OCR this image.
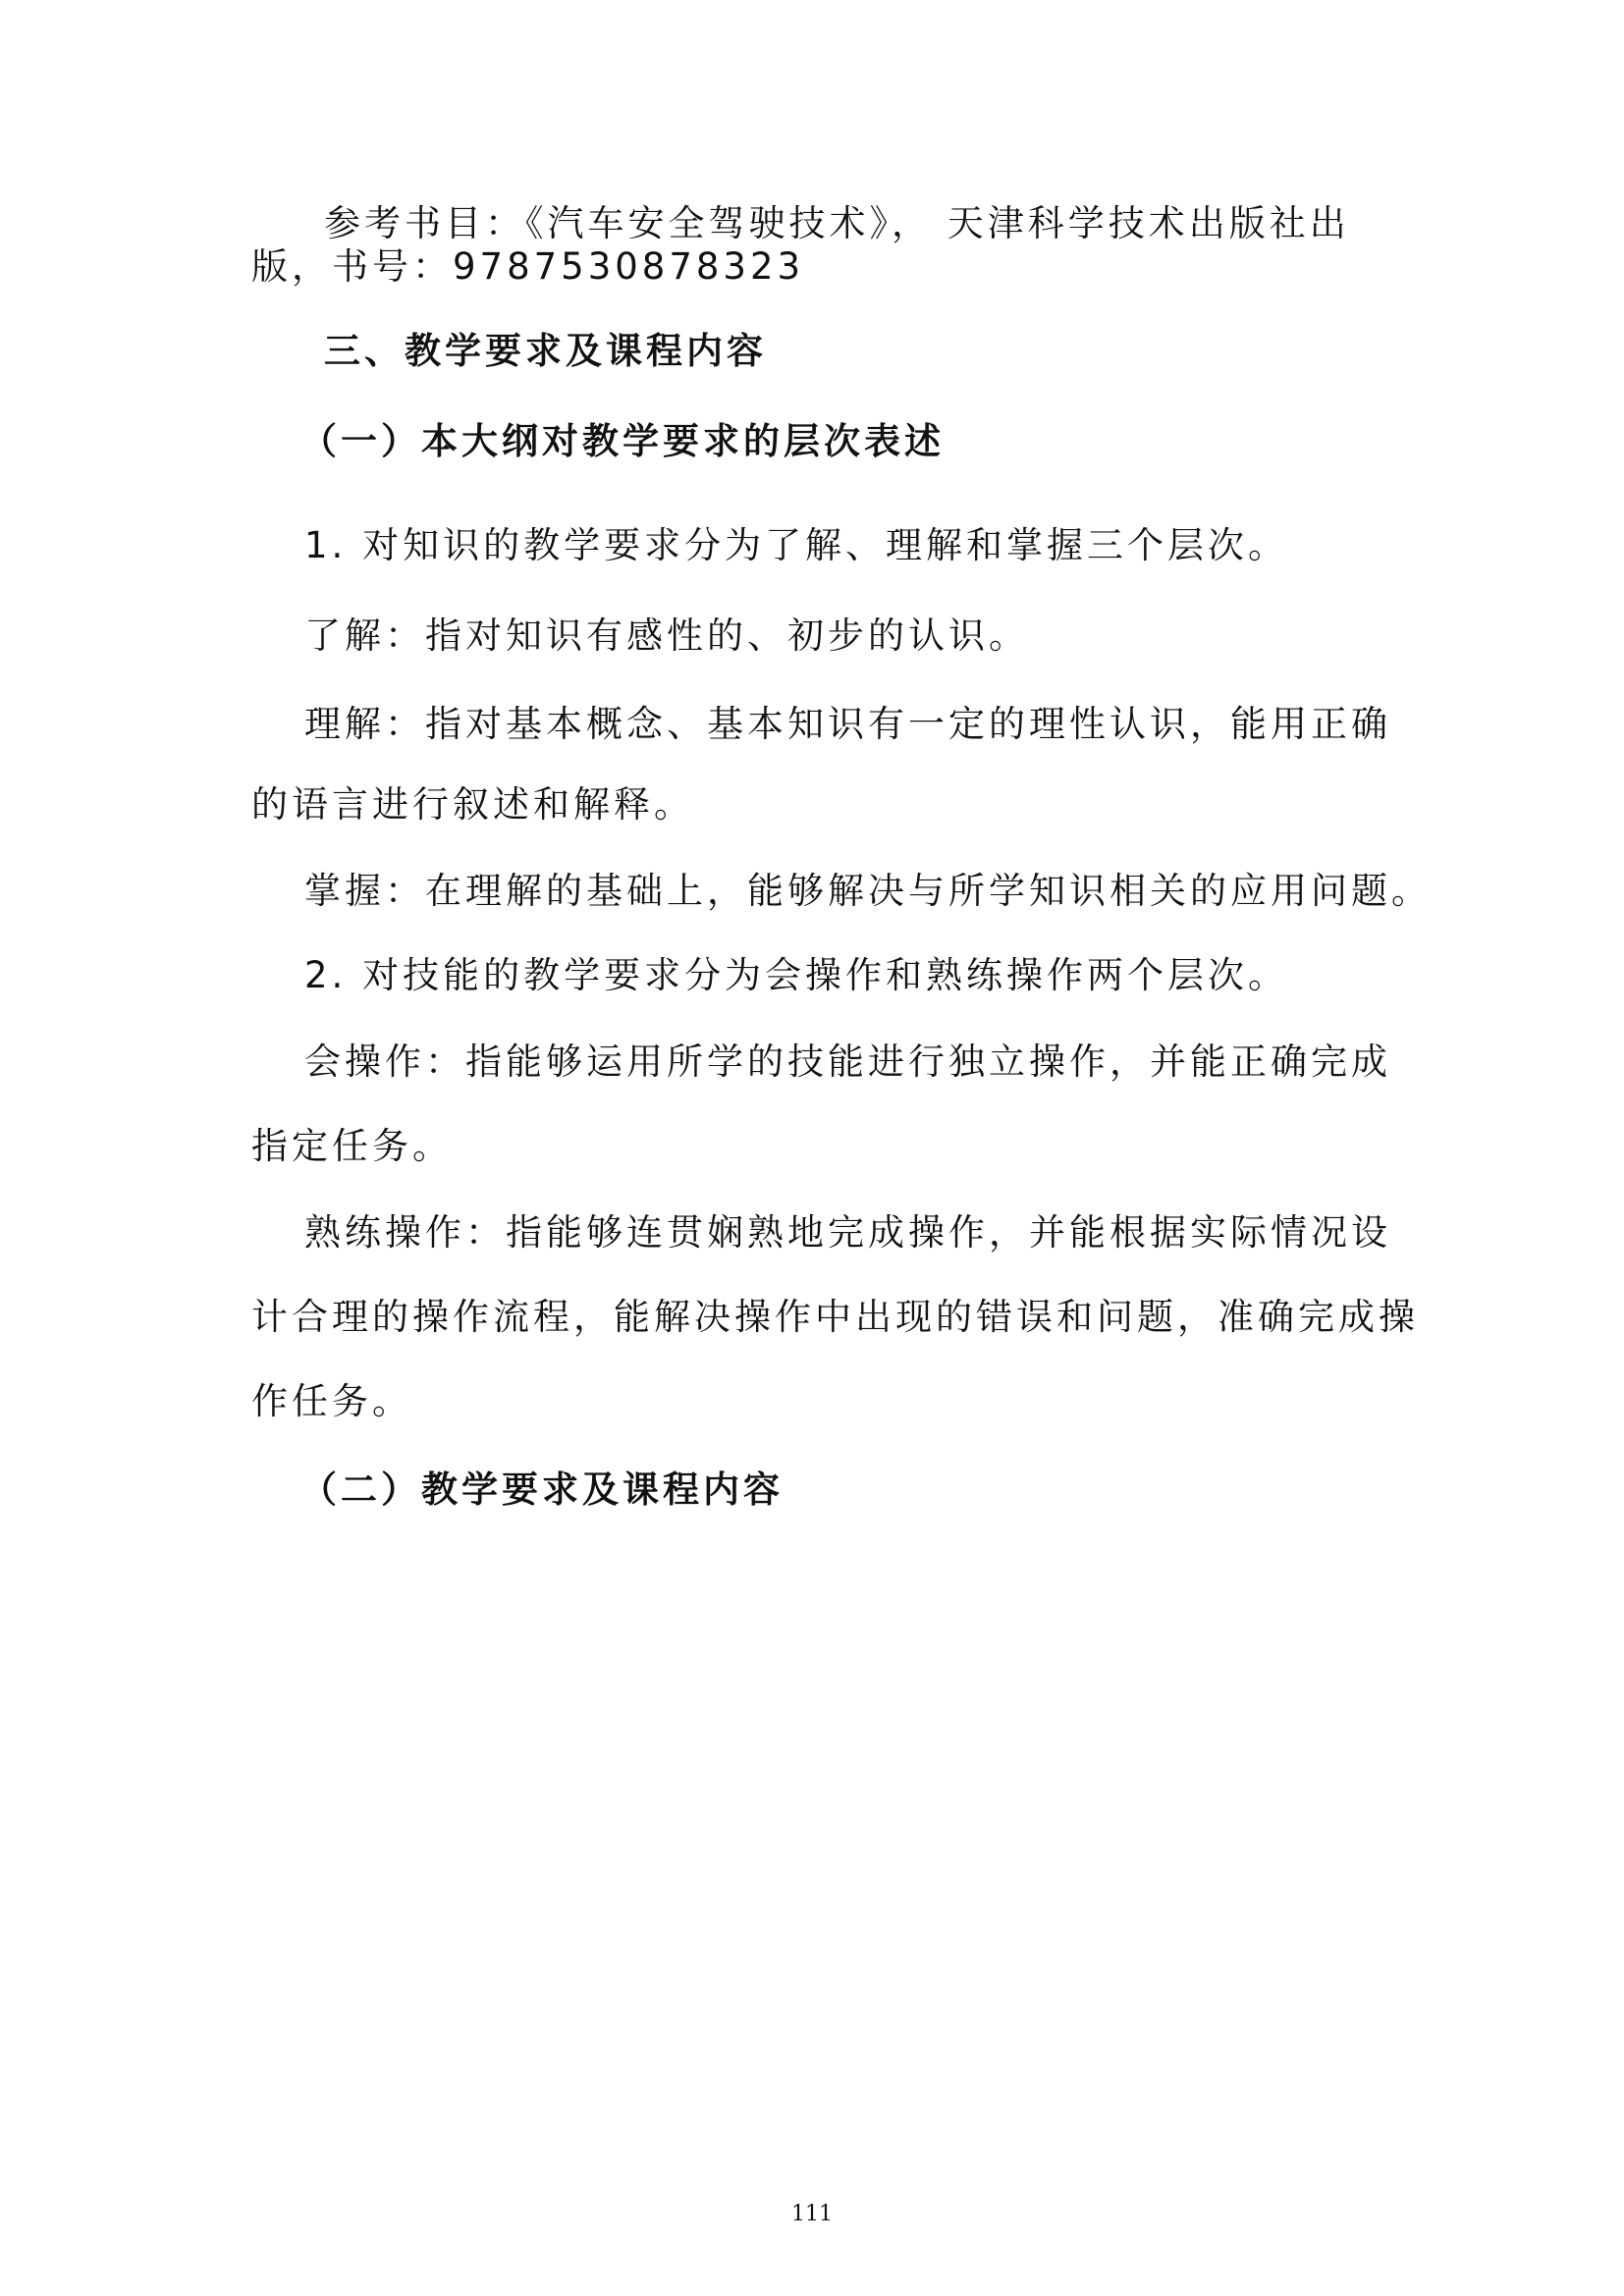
参考书目：《汽车安全驾驶技术》， 天津科学技术出版社出
版，书号：9787530878323
三、教学要求及课程内容
（一）本大纲对教学要求的层次表述
1. 对知识的教学要求分为了解、理解和掌握三个层次。
了解：指对知识有感性的、初步的认识。
理解：指对基本概念、基本知识有一定的理性认识，能用正确
的语言进行叙述和解释。
掌握：在理解的基础上，能够解决与所学知识相关的应用问题。
2. 对技能的教学要求分为会操作和熟练操作两个层次。
会操作：指能够运用所学的技能进行独立操作，并能正确完成
指定任务。
熟练操作：指能够连贯娴熟地完成操作，并能根据实际情况设
计合理的操作流程，能解决操作中出现的错误和问题，准确完成操
作任务。
（二）教学要求及课程内容
111
